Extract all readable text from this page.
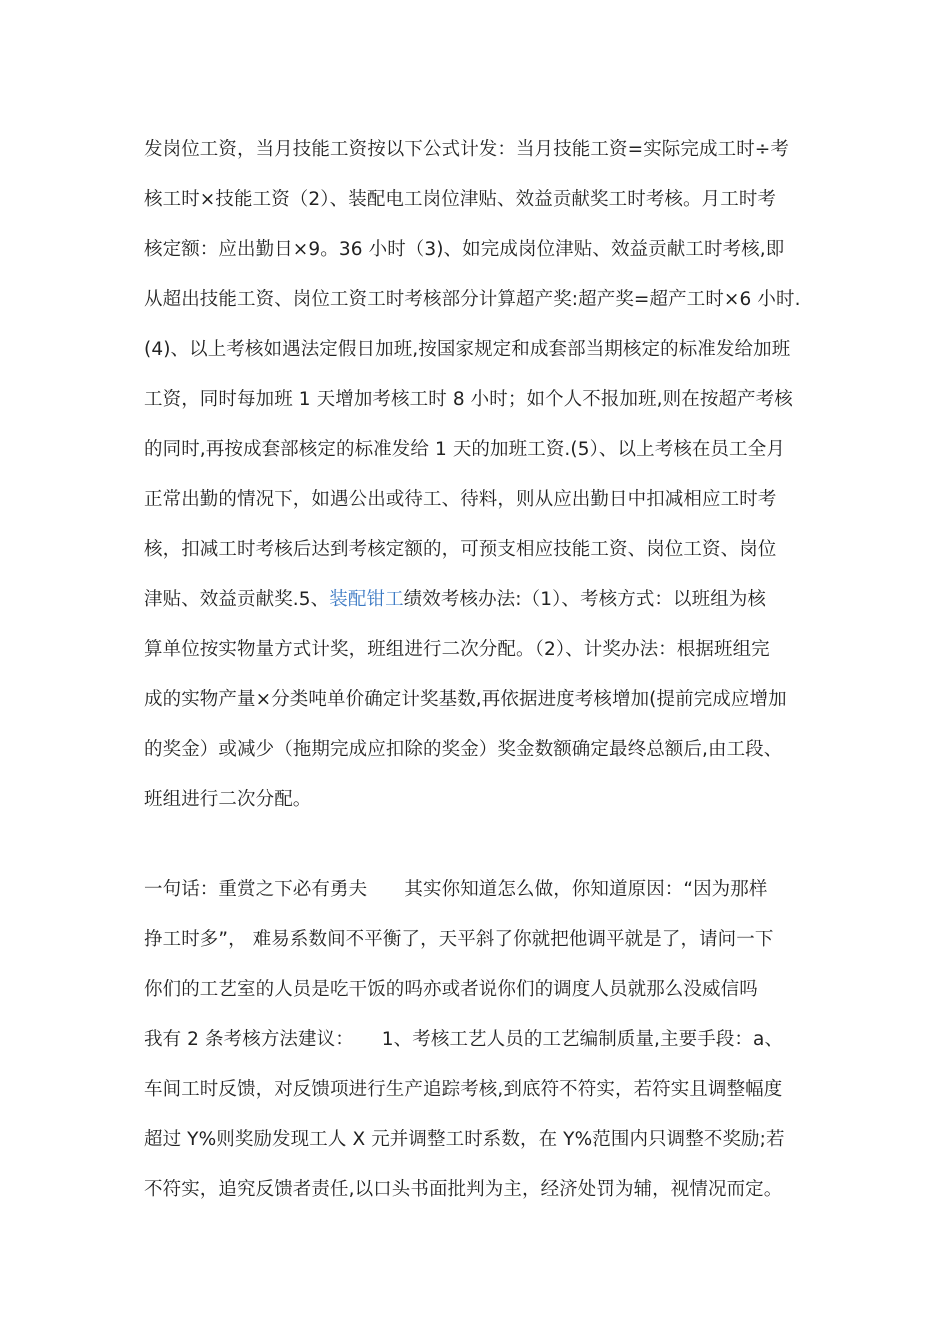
发岗位工资，当月技能工资按以下公式计发：当月技能工资=实际完成工时÷考
核工时×技能工资（2）、装配电工岗位津贴、效益贡献奖工时考核。月工时考
核定额：应出勤日×9。36 小时（3)、如完成岗位津贴、效益贡献工时考核,即
从超出技能工资、岗位工资工时考核部分计算超产奖:超产奖=超产工时×6 小时.
(4)、以上考核如遇法定假日加班,按国家规定和成套部当期核定的标准发给加班
工资，同时每加班 1 天增加考核工时 8 小时；如个人不报加班,则在按超产考核
的同时,再按成套部核定的标准发给 1 天的加班工资.(5）、以上考核在员工全月
正常出勤的情况下，如遇公出或待工、待料，则从应出勤日中扣减相应工时考
核，扣减工时考核后达到考核定额的，可预支相应技能工资、岗位工资、岗位
津贴、效益贡献奖.5、装配钳工绩效考核办法:（1）、考核方式：以班组为核
算单位按实物量方式计奖，班组进行二次分配。（2）、计奖办法：根据班组完
成的实物产量×分类吨单价确定计奖基数,再依据进度考核增加(提前完成应增加
的奖金）或减少（拖期完成应扣除的奖金）奖金数额确定最终总额后,由工段、
班组进行二次分配。
一句话：重赏之下必有勇夫　　其实你知道怎么做，你知道原因：“因为那样
挣工时多”， 难易系数间不平衡了，天平斜了你就把他调平就是了，请问一下
你们的工艺室的人员是吃干饭的吗亦或者说你们的调度人员就那么没威信吗
我有 2 条考核方法建议：　　1、考核工艺人员的工艺编制质量,主要手段：a、
车间工时反馈，对反馈项进行生产追踪考核,到底符不符实，若符实且调整幅度
超过 Y%则奖励发现工人 X 元并调整工时系数，在 Y%范围内只调整不奖励;若
不符实，追究反馈者责任,以口头书面批判为主，经济处罚为辅，视情况而定。
